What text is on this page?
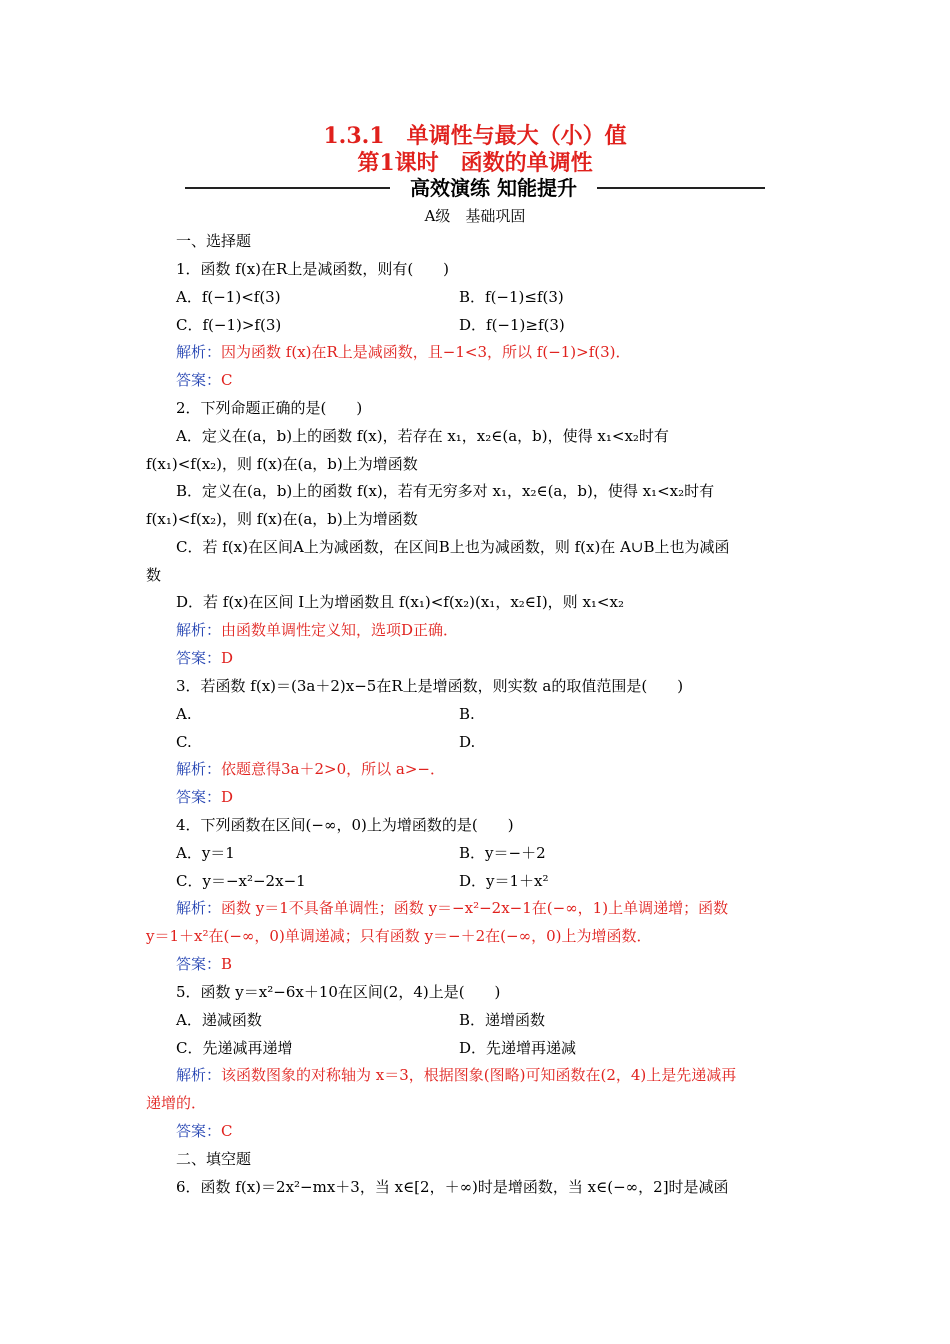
1.3.1　单调性与最大（小）值
第1课时　函数的单调性
高效演练 知能提升
A级　基础巩固
一、选择题
1．函数 f(x)在R上是减函数，则有(　　)
A．f(−1)<f(3)	B．f(−1)≤f(3)
C．f(−1)>f(3)	D．f(−1)≥f(3)
解析：因为函数 f(x)在R上是减函数，且−1<3，所以 f(−1)>f(3)．
答案：C
2．下列命题正确的是(　　)
A．定义在(a，b)上的函数 f(x)，若存在 x₁，x₂∈(a，b)，使得 x₁<x₂时有
f(x₁)<f(x₂)，则 f(x)在(a，b)上为增函数
B．定义在(a，b)上的函数 f(x)，若有无穷多对 x₁，x₂∈(a，b)，使得 x₁<x₂时有
f(x₁)<f(x₂)，则 f(x)在(a，b)上为增函数
C．若 f(x)在区间A上为减函数，在区间B上也为减函数，则 f(x)在 A∪B上也为减函
数
D．若 f(x)在区间 I上为增函数且 f(x₁)<f(x₂)(x₁，x₂∈I)，则 x₁<x₂
解析：由函数单调性定义知，选项D正确．
答案：D
3．若函数 f(x)＝(3a＋2)x−5在R上是增函数，则实数 a的取值范围是(　　)
A.	B.
C.	D.
解析：依题意得3a＋2>0，所以 a>−．
答案：D
4．下列函数在区间(−∞，0)上为增函数的是(　　)
A．y＝1	B．y＝−＋2
C．y＝−x²−2x−1	D．y＝1＋x²
解析：函数 y＝1不具备单调性；函数 y＝−x²−2x−1在(−∞，1)上单调递增；函数
y＝1＋x²在(−∞，0)单调递减；只有函数 y＝−＋2在(−∞，0)上为增函数．
答案：B
5．函数 y＝x²−6x＋10在区间(2，4)上是(　　)
A．递减函数	B．递增函数
C．先递减再递增	D．先递增再递减
解析：该函数图象的对称轴为 x＝3，根据图象(图略)可知函数在(2，4)上是先递减再
递增的．
答案：C
二、填空题
6．函数 f(x)＝2x²−mx＋3，当 x∈[2，＋∞)时是增函数，当 x∈(−∞，2]时是减函
